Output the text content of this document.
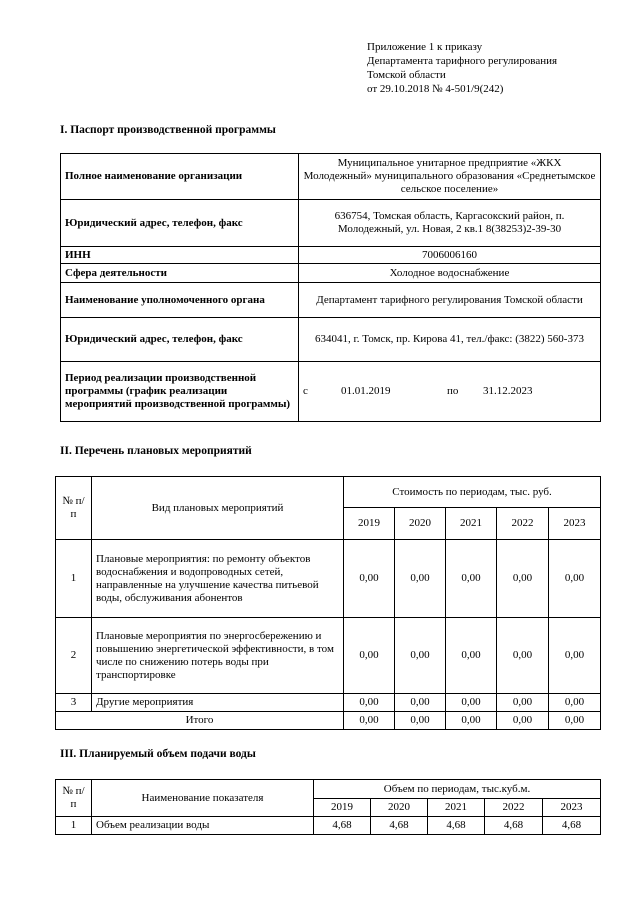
Приложение 1 к приказу
Департамента тарифного регулирования
Томской области
от 29.10.2018 № 4-501/9(242)
I. Паспорт производственной программы
Полное наименование организации	Муниципальное унитарное предприятие «ЖКХ Молодежный» муниципального образования «Среднетымское сельское поселение»
Юридический адрес, телефон, факс	636754, Томская область, Каргасокский район, п. Молодежный, ул. Новая, 2 кв.1 8(38253)2-39-30
ИНН	7006006160
Сфера деятельности	Холодное водоснабжение
Наименование уполномоченного органа	Департамент тарифного регулирования Томской области
Юридический адрес, телефон, факс	634041, г. Томск, пр. Кирова 41, тел./факс: (3822) 560-373
Период реализации производственной программы (график реализации мероприятий производственной программы)	с 01.01.2019 по 31.12.2023
II. Перечень плановых мероприятий
№ п/п	Вид плановых мероприятий	Стоимость по периодам, тыс. руб.				
		2019	2020	2021	2022	2023
1	Плановые мероприятия: по ремонту объектов водоснабжения и водопроводных сетей, направленные на улучшение качества питьевой воды, обслуживания абонентов	0,00	0,00	0,00	0,00	0,00
2	Плановые мероприятия по энергосбережению и повышению энергетической эффективности, в том числе по снижению потерь воды при транспортировке	0,00	0,00	0,00	0,00	0,00
3	Другие мероприятия	0,00	0,00	0,00	0,00	0,00
Итого		0,00	0,00	0,00	0,00	0,00
III. Планируемый объем подачи воды
№ п/п	Наименование показателя	Объем по периодам, тыс.куб.м.				
		2019	2020	2021	2022	2023
1	Объем реализации воды	4,68	4,68	4,68	4,68	4,68
